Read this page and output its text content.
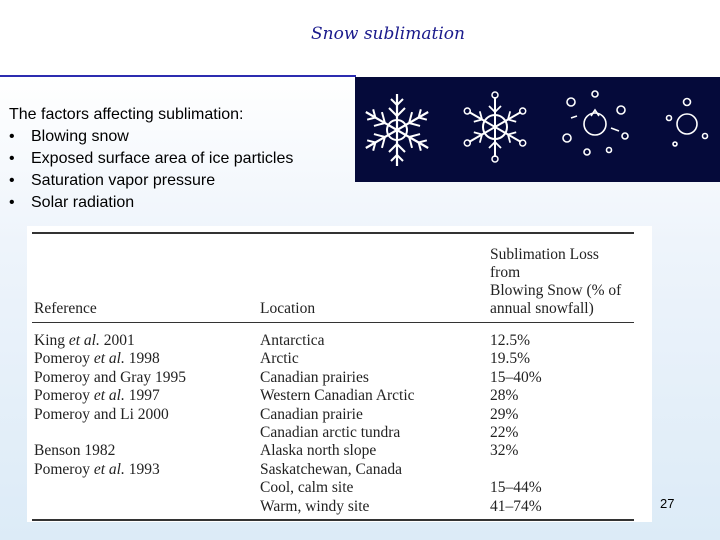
Snow sublimation
The factors affecting sublimation:
• Blowing snow
• Exposed surface area of ice particles
• Saturation vapor pressure
• Solar radiation
Reference	Location	Sublimation Loss from
Blowing Snow (% of
annual snowfall)
King et al. 2001	Antarctica	12.5%
Pomeroy et al. 1998	Arctic	19.5%
Pomeroy and Gray 1995	Canadian prairies	15–40%
Pomeroy et al. 1997	Western Canadian Arctic	28%
Pomeroy and Li 2000	Canadian prairie	29%
	Canadian arctic tundra	22%
Benson 1982	Alaska north slope	32%
Pomeroy et al. 1993	Saskatchewan, Canada	
	Cool, calm site	15–44%
	Warm, windy site	41–74%	27
